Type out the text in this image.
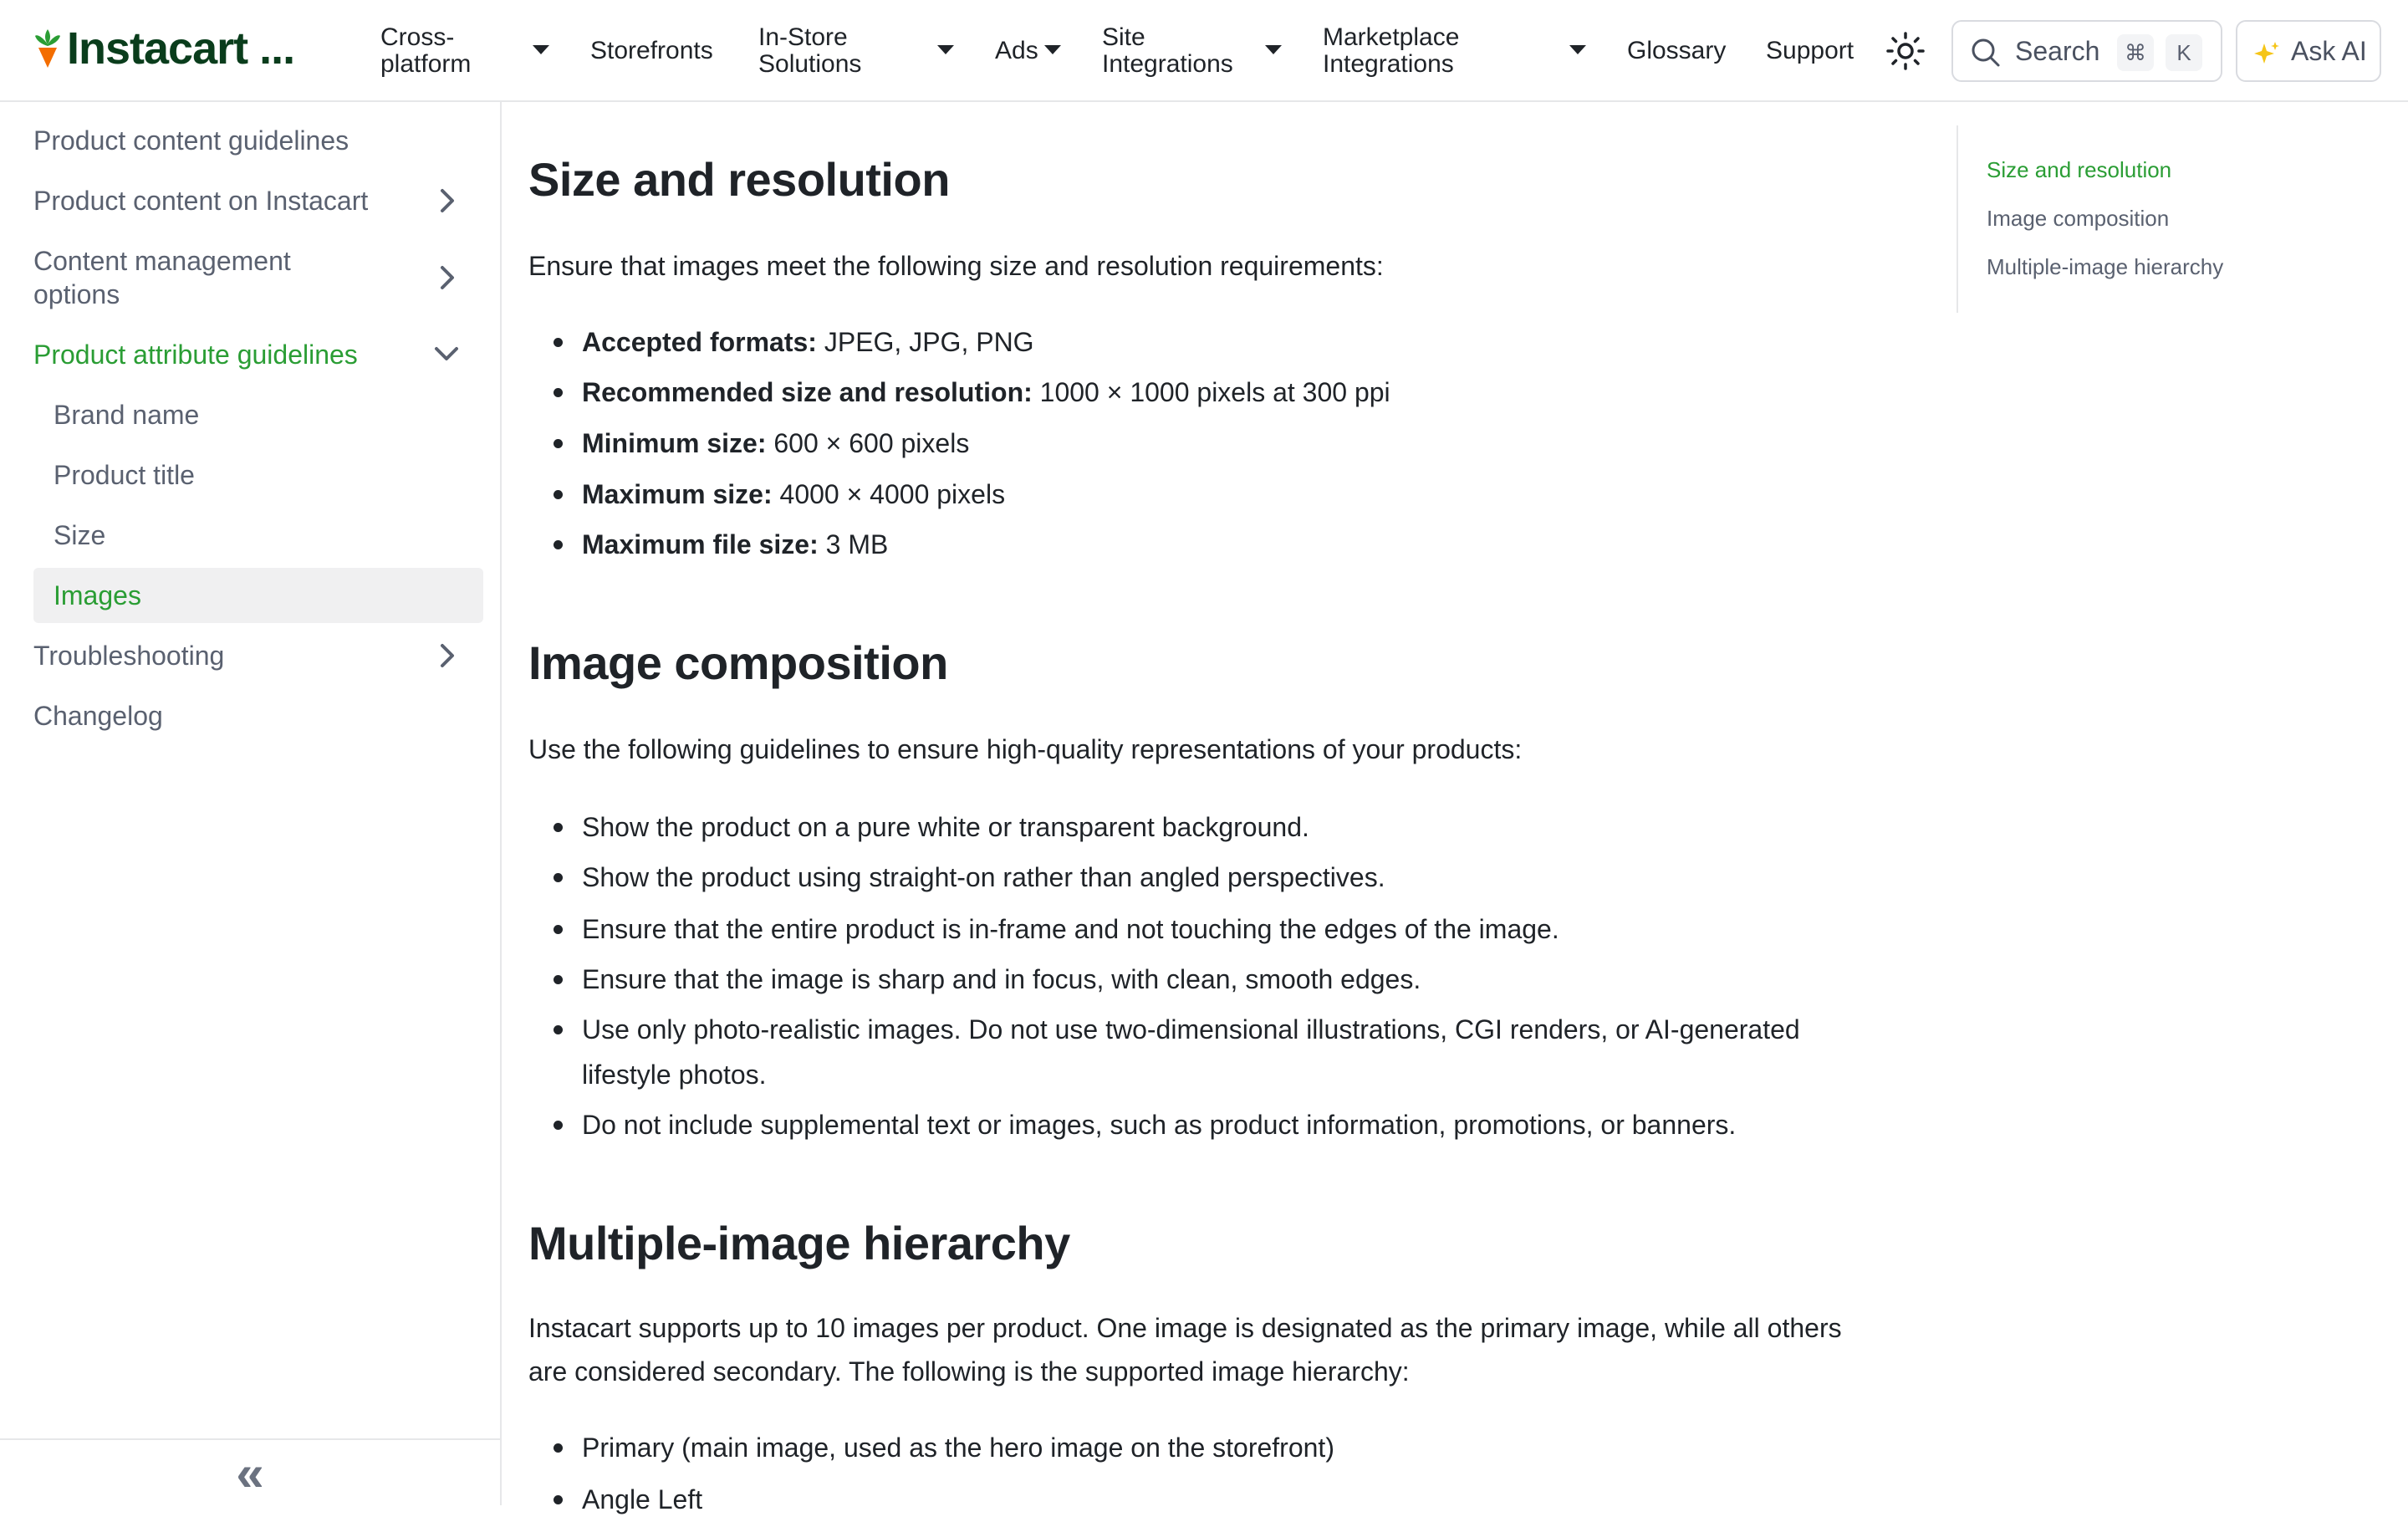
Instacart ...	Cross-
platform	Storefronts In-Store
Solutions	Ads	Site
Integrations
Marketplace
Integrations	Glossary Support	Search	⌘	K	Ask AI
Product content guidelines
Product content on Instacart
Content management
options
Product attribute guidelines
Brand name
Product title
Size
Images
Troubleshooting
Changelog
«
Size and resolution

Ensure that images meet the following size and resolution requirements:

Accepted formats: JPEG, JPG, PNG
Recommended size and resolution: 1000 × 1000 pixels at 300 ppi
Minimum size: 600 × 600 pixels
Maximum size: 4000 × 4000 pixels
Maximum file size: 3 MB
Image composition

Use the following guidelines to ensure high-quality representations of your products:

Show the product on a pure white or transparent background.
Show the product using straight-on rather than angled perspectives.
Ensure that the entire product is in-frame and not touching the edges of the image.
Ensure that the image is sharp and in focus, with clean, smooth edges.
Use only photo-realistic images. Do not use two-dimensional illustrations, CGI renders, or AI-generated lifestyle photos.
Do not include supplemental text or images, such as product information, promotions, or banners.
Multiple-image hierarchy

Instacart supports up to 10 images per product. One image is designated as the primary image, while all others are considered secondary. The following is the supported image hierarchy:

Primary (main image, used as the hero image on the storefront)
Angle Left
Size and resolution
Image composition
Multiple-image hierarchy
